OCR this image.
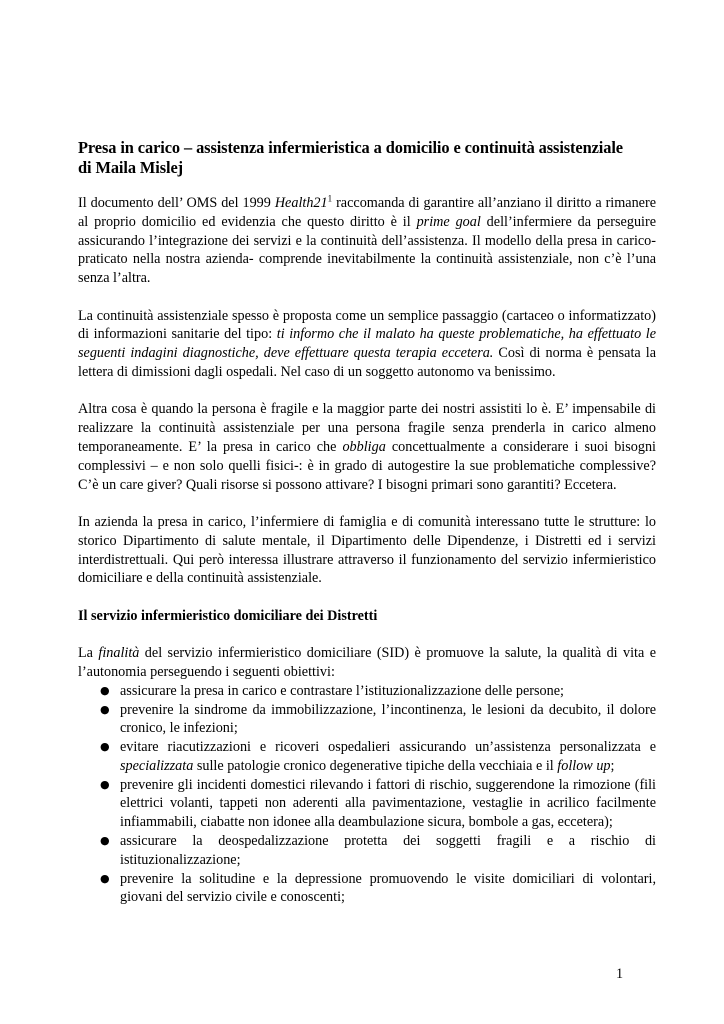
Presa in carico – assistenza infermieristica a domicilio e continuità assistenziale
di Maila Mislej

Il documento dell’ OMS del 1999 $Health21^1$ raccomanda di garantire all’anziano il diritto a rimanere al proprio domicilio ed evidenzia che questo diritto è il prime goal dell’infermiere da perseguire assicurando l’integrazione dei servizi e la continuità dell’assistenza. Il modello della presa in carico- praticato nella nostra azienda- comprende inevitabilmente la continuità assistenziale, non c’è l’una senza l’altra.

La continuità assistenziale spesso è proposta come un semplice passaggio (cartaceo o informatizzato) di informazioni sanitarie del tipo: ti informo che il malato ha queste problematiche, ha effettuato le seguenti indagini diagnostiche, deve effettuare questa terapia eccetera. Così di norma è pensata la lettera di dimissioni dagli ospedali. Nel caso di un soggetto autonomo va benissimo.

Altra cosa è quando la persona è fragile e la maggior parte dei nostri assistiti lo è. E’ impensabile di realizzare la continuità assistenziale per una persona fragile senza prenderla in carico almeno temporaneamente. E’ la presa in carico che obbliga concettualmente a considerare i suoi bisogni complessivi – e non solo quelli fisici-: è in grado di autogestire la sue problematiche complessive? C’è un care giver? Quali risorse si possono attivare? I bisogni primari sono garantiti? Eccetera.

In azienda la presa in carico, l’infermiere di famiglia e di comunità interessano tutte le strutture: lo storico Dipartimento di salute mentale, il Dipartimento delle Dipendenze, i Distretti ed i servizi interdistrettuali. Qui però interessa illustrare attraverso il funzionamento del servizio infermieristico domiciliare e della continuità assistenziale.

Il servizio infermieristico domiciliare dei Distretti

La finalità del servizio infermieristico domiciliare (SID) è promuove la salute, la qualità di vita e l’autonomia perseguendo i seguenti obiettivi:

● assicurare la presa in carico e contrastare l’istituzionalizzazione delle persone;
● prevenire la sindrome da immobilizzazione, l’incontinenza, le lesioni da decubito, il dolore cronico, le infezioni;
● evitare riacutizzazioni e ricoveri ospedalieri assicurando un’assistenza personalizzata e specializzata sulle patologie cronico degenerative tipiche della vecchiaia e il follow up;
● prevenire gli incidenti domestici rilevando i fattori di rischio, suggerendone la rimozione (fili elettrici volanti, tappeti non aderenti alla pavimentazione, vestaglie in acrilico facilmente infiammabili, ciabatte non idonee alla deambulazione sicura, bombole a gas, eccetera);
● assicurare la deospedalizzazione protetta dei soggetti fragili e a rischio di istituzionalizzazione;
● prevenire la solitudine e la depressione promuovendo le visite domiciliari di volontari, giovani del servizio civile e conoscenti;
1
